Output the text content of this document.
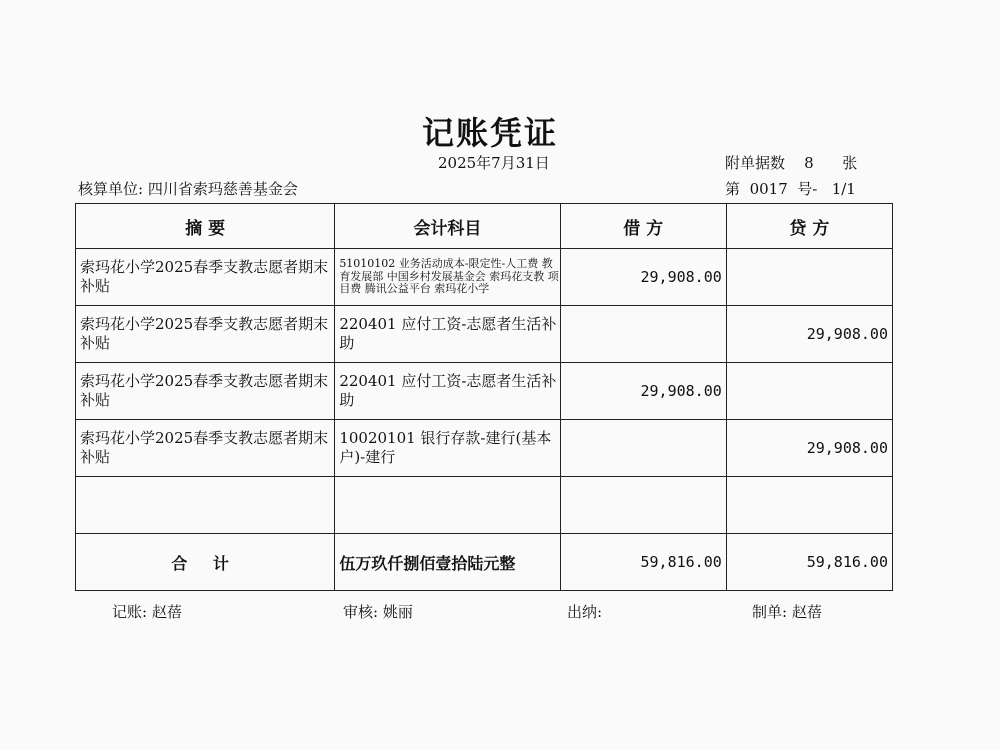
记账凭证
2025年7月31日	附单据数 8 张
核算单位: 四川省索玛慈善基金会	第 0017 号- 1/1
摘 要	会计科目	借 方	贷 方
索玛花小学2025春季支教志愿者期末补贴	51010102 业务活动成本-限定性-人工费 教育发展部 中国乡村发展基金会 索玛花支教 项目费 腾讯公益平台 索玛花小学	29,908.00	
索玛花小学2025春季支教志愿者期末补贴	220401 应付工资-志愿者生活补助		29,908.00
索玛花小学2025春季支教志愿者期末补贴	220401 应付工资-志愿者生活补助	29,908.00	
索玛花小学2025春季支教志愿者期末补贴	10020101 银行存款-建行(基本户)-建行		29,908.00

合 计	伍万玖仟捌佰壹拾陆元整	59,816.00	59,816.00
记账: 赵蓓	审核: 姚丽	出纳:	制单: 赵蓓
